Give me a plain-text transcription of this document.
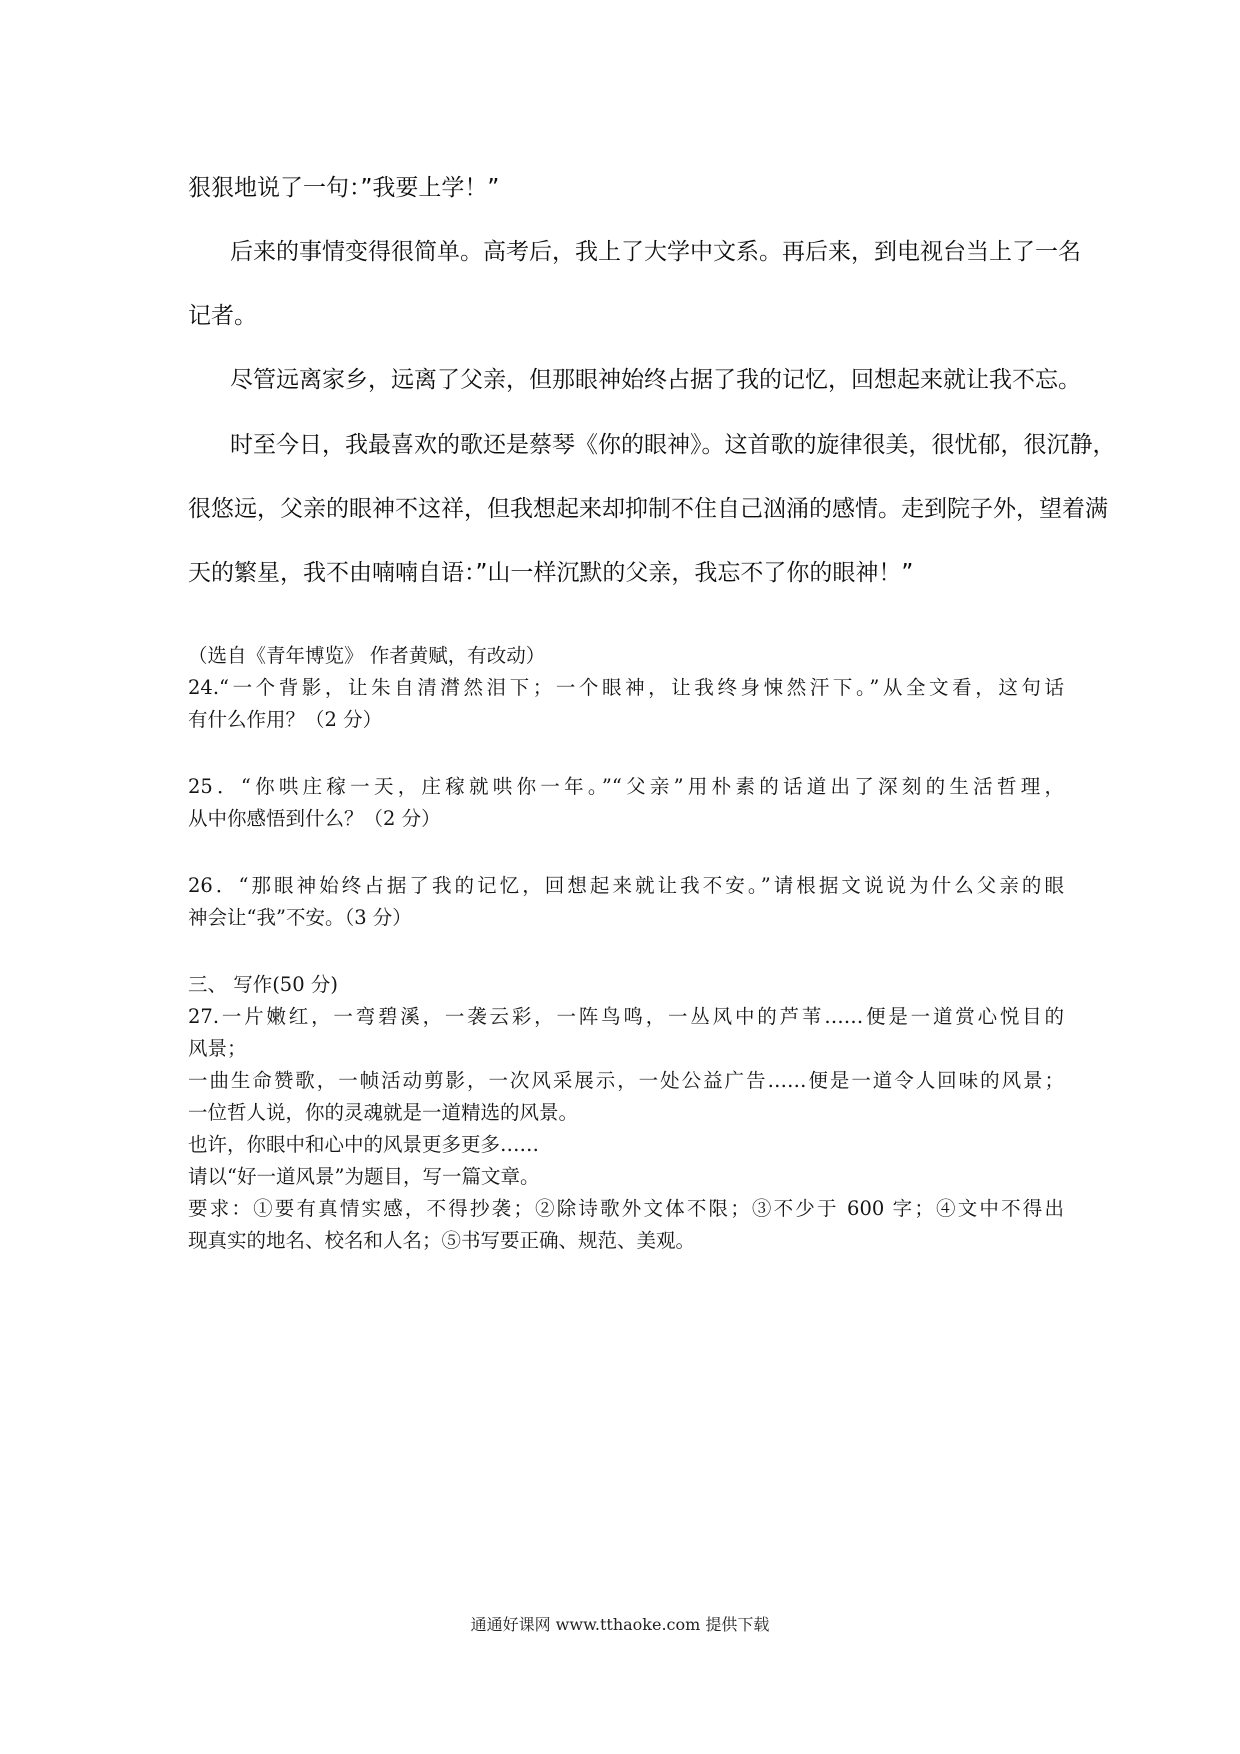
狠狠地说了一句：”我要上学！”
后来的事情变得很简单。高考后，我上了大学中文系。再后来，到电视台当上了一名
记者。
尽管远离家乡，远离了父亲，但那眼神始终占据了我的记忆，回想起来就让我不忘。
时至今日，我最喜欢的歌还是蔡琴《你的眼神》。这首歌的旋律很美，很忧郁，很沉静，
很悠远，父亲的眼神不这祥，但我想起来却抑制不住自己汹涌的感情。走到院子外，望着满
天的繁星，我不由喃喃自语：”山一样沉默的父亲，我忘不了你的眼神！”
（选自《青年博览》 作者黄赋，有改动）
24.“一个背影，让朱自清潸然泪下；一个眼神，让我终身悚然汗下。”从全文看，这句话
有什么作用？（2 分）
25．“你哄庄稼一天，庄稼就哄你一年。”“父亲”用朴素的话道出了深刻的生活哲理，
从中你感悟到什么？（2 分）
26．“那眼神始终占据了我的记忆，回想起来就让我不安。”请根据文说说为什么父亲的眼
神会让“我”不安。（3 分）
三、 写作(50 分)
27.一片嫩红，一弯碧溪，一袭云彩，一阵鸟鸣，一丛风中的芦苇……便是一道赏心悦目的
风景；
一曲生命赞歌，一帧活动剪影，一次风采展示，一处公益广告……便是一道令人回味的风景；
一位哲人说，你的灵魂就是一道精选的风景。
也许，你眼中和心中的风景更多更多……
请以“好一道风景”为题目，写一篇文章。
要求：①要有真情实感，不得抄袭；②除诗歌外文体不限；③不少于 600 字；④文中不得出
现真实的地名、校名和人名；⑤书写要正确、规范、美观。
通通好课网 www.tthaoke.com 提供下载
